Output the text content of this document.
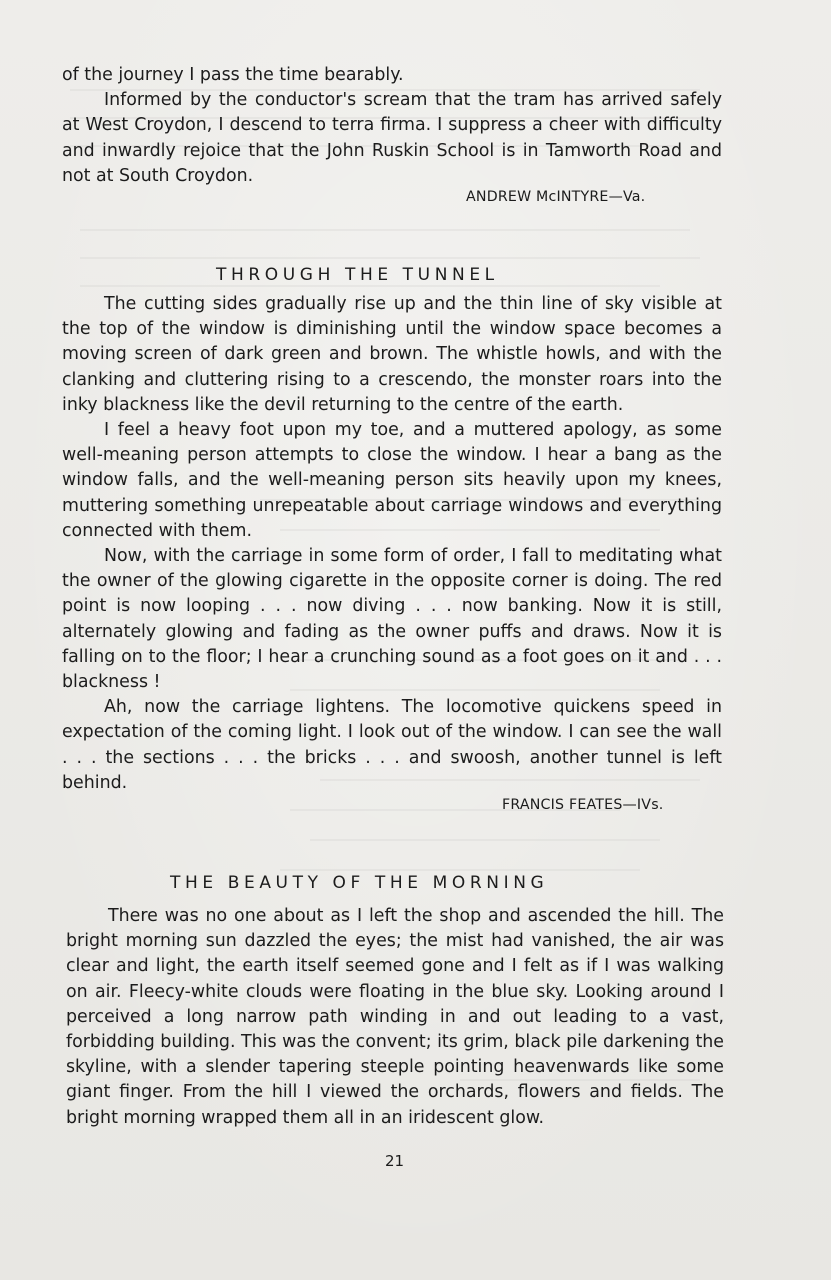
of the journey I pass the time bearably.

Informed by the conductor's scream that the tram has arrived safely at West Croydon, I descend to terra firma. I suppress a cheer with difficulty and inwardly rejoice that the John Ruskin School is in Tamworth Road and not at South Croydon.

ANDREW McINTYRE—Va.
THROUGH THE TUNNEL

The cutting sides gradually rise up and the thin line of sky visible at the top of the window is diminishing until the window space becomes a moving screen of dark green and brown. The whistle howls, and with the clanking and cluttering rising to a crescendo, the monster roars into the inky blackness like the devil returning to the centre of the earth.

I feel a heavy foot upon my toe, and a muttered apology, as some well-meaning person attempts to close the window. I hear a bang as the window falls, and the well-meaning person sits heavily upon my knees, muttering something unrepeatable about carriage windows and everything connected with them.

Now, with the carriage in some form of order, I fall to meditating what the owner of the glowing cigarette in the opposite corner is doing. The red point is now looping . . . now diving . . . now banking. Now it is still, alternately glowing and fading as the owner puffs and draws. Now it is falling on to the floor; I hear a crunching sound as a foot goes on it and . . . blackness !

Ah, now the carriage lightens. The locomotive quickens speed in expectation of the coming light. I look out of the window. I can see the wall . . . the sections . . . the bricks . . . and swoosh, another tunnel is left behind.

FRANCIS FEATES—IVs.
THE BEAUTY OF THE MORNING

There was no one about as I left the shop and ascended the hill. The bright morning sun dazzled the eyes; the mist had vanished, the air was clear and light, the earth itself seemed gone and I felt as if I was walking on air. Fleecy-white clouds were floating in the blue sky. Looking around I perceived a long narrow path winding in and out leading to a vast, forbidding building. This was the convent; its grim, black pile darkening the skyline, with a slender tapering steeple pointing heavenwards like some giant finger. From the hill I viewed the orchards, flowers and fields. The bright morning wrapped them all in an iridescent glow.

21
